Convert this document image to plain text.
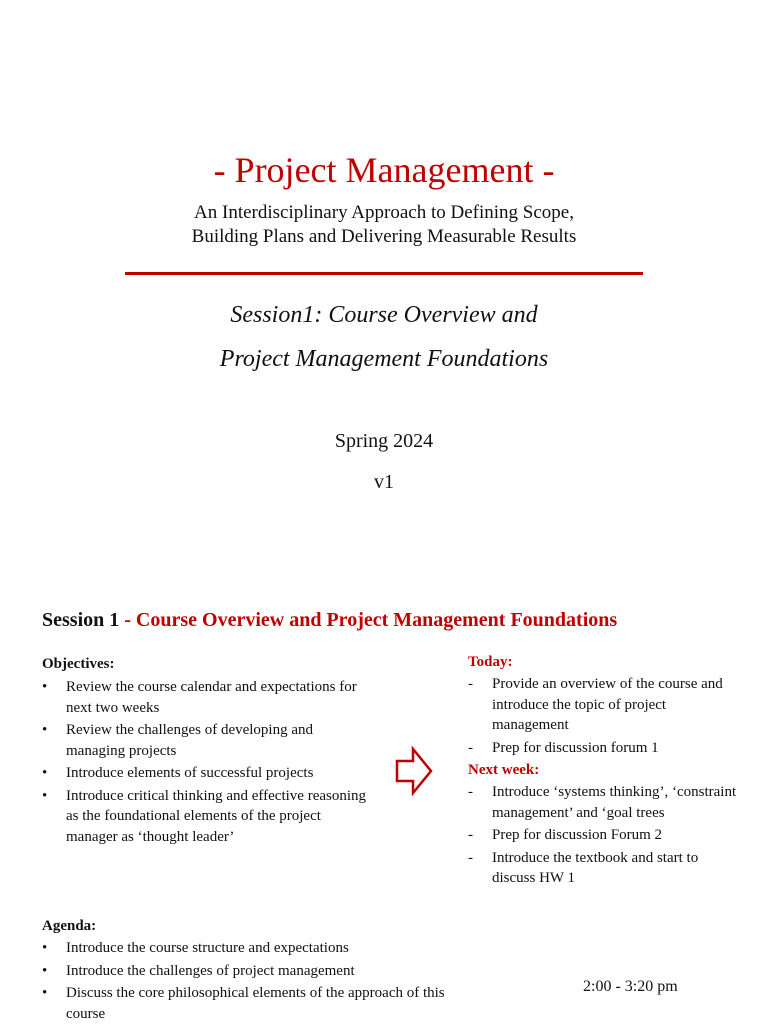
- Project Management -
An Interdisciplinary Approach to Defining Scope,
Building Plans and Delivering Measurable Results
Session1: Course Overview and
Project Management Foundations
Spring 2024
v1
Session 1 - Course Overview and Project Management Foundations
Objectives:
• Review the course calendar and expectations for next two weeks
• Review the challenges of developing and managing projects
• Introduce elements of successful projects
• Introduce critical thinking and effective reasoning as the foundational elements of the project manager as ‘thought leader’
Agenda:
• Introduce the course structure and expectations
• Introduce the challenges of project management
• Discuss the core philosophical elements of the approach of this course
Today:
- Provide an overview of the course and introduce the topic of project management
- Prep for discussion forum 1
Next week:
- Introduce ‘systems thinking’, ‘constraint management’ and ‘goal trees
- Prep for discussion Forum 2
- Introduce the textbook and start to discuss HW 1
2:00 - 3:20 pm
